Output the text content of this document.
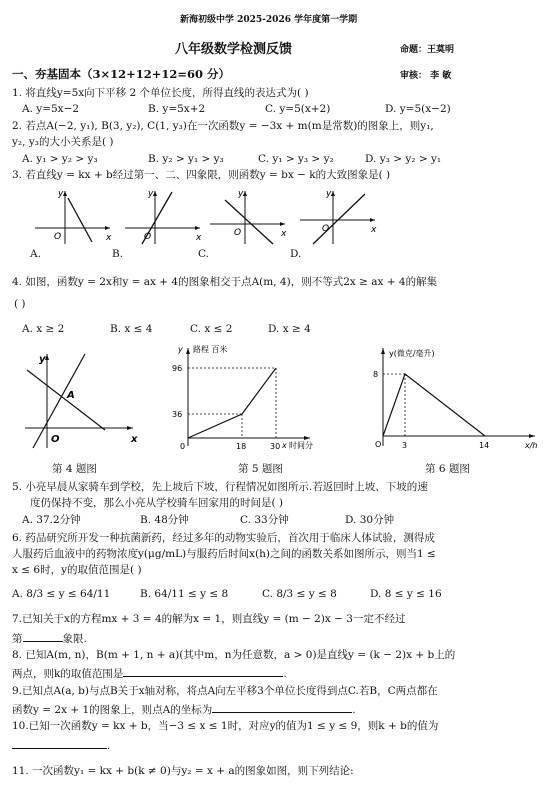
新海初级中学 2025-2026 学年度第一学期
八年级数学检测反馈	命题：王莫明
一、夯基固本（3×12+12+12=60 分）	审核： 李 敏
1. 将直线y=5x向下平移 2 个单位长度，所得直线的表达式为( )
A. y=5x−2	B. y=5x+2	C. y=5(x+2)	D. y=5(x−2)
2. 若点A(−2, y₁), B(3, y₂), C(1, y₃)在一次函数y = −3x + m(m是常数)的图象上，则y₁,
y₂, y₃的大小关系是( )
A. y₁ > y₂ > y₃	B. y₂ > y₁ > y₃	C. y₁ > y₃ > y₂	D. y₃ > y₂ > y₁
3. 若直线y = kx + b经过第一、二、四象限，则函数y = bx − k的大致图象是( )
y
x
O
A.
y
x
O
B.
y
x
O
C.
y
x
O
D.
4. 如图，函数y = 2x和y = ax + 4的图象相交于点A(m, 4)，则不等式2x ≥ ax + 4的解集
( )
A. x ≥ 2	B. x ≤ 4	C. x ≤ 2	D. x ≥ 4
y
x
O
A
第 4 题图
y 路程 百米
96
36
18	30
0	x 时间分
第 5 题图
y(微克/毫升)
8
3	14
O	x/h
第 6 题图
5. 小亮早晨从家骑车到学校，先上坡后下坡，行程情况如图所示.若返回时上坡、下坡的速
度仍保持不变，那么小亮从学校骑车回家用的时间是( )
A. 37.2分钟	B. 48分钟	C. 33分钟	D. 30分钟
6. 药品研究所开发一种抗菌新药，经过多年的动物实验后，首次用于临床人体试验，测得成
人服药后血液中的药物浓度y(μg/mL)与服药后时间x(h)之间的函数关系如图所示，则当1 ≤
x ≤ 6时，y的取值范围是( )
A. 8/3 ≤ y ≤ 64/11	B. 64/11 ≤ y ≤ 8	C. 8/3 ≤ y ≤ 8	D. 8 ≤ y ≤ 16
7.已知关于x的方程mx + 3 = 4的解为x = 1，则直线y = (m − 2)x − 3一定不经过
第	象限.
8. 已知A(m, n)，B(m + 1, n + a)(其中m，n为任意数，a > 0)是直线y = (k − 2)x + b上的
两点，则k的取值范围是	.
9.已知点A(a, b)与点B关于x轴对称，将点A向左平移3个单位长度得到点C.若B，C两点都在
函数y = 2x + 1的图象上，则点A的坐标为	.
10.已知一次函数y = kx + b，当−3 ≤ x ≤ 1时，对应y的值为1 ≤ y ≤ 9，则k + b的值为
.
11. 一次函数y₁ = kx + b(k ≠ 0)与y₂ = x + a的图象如图，则下列结论:
